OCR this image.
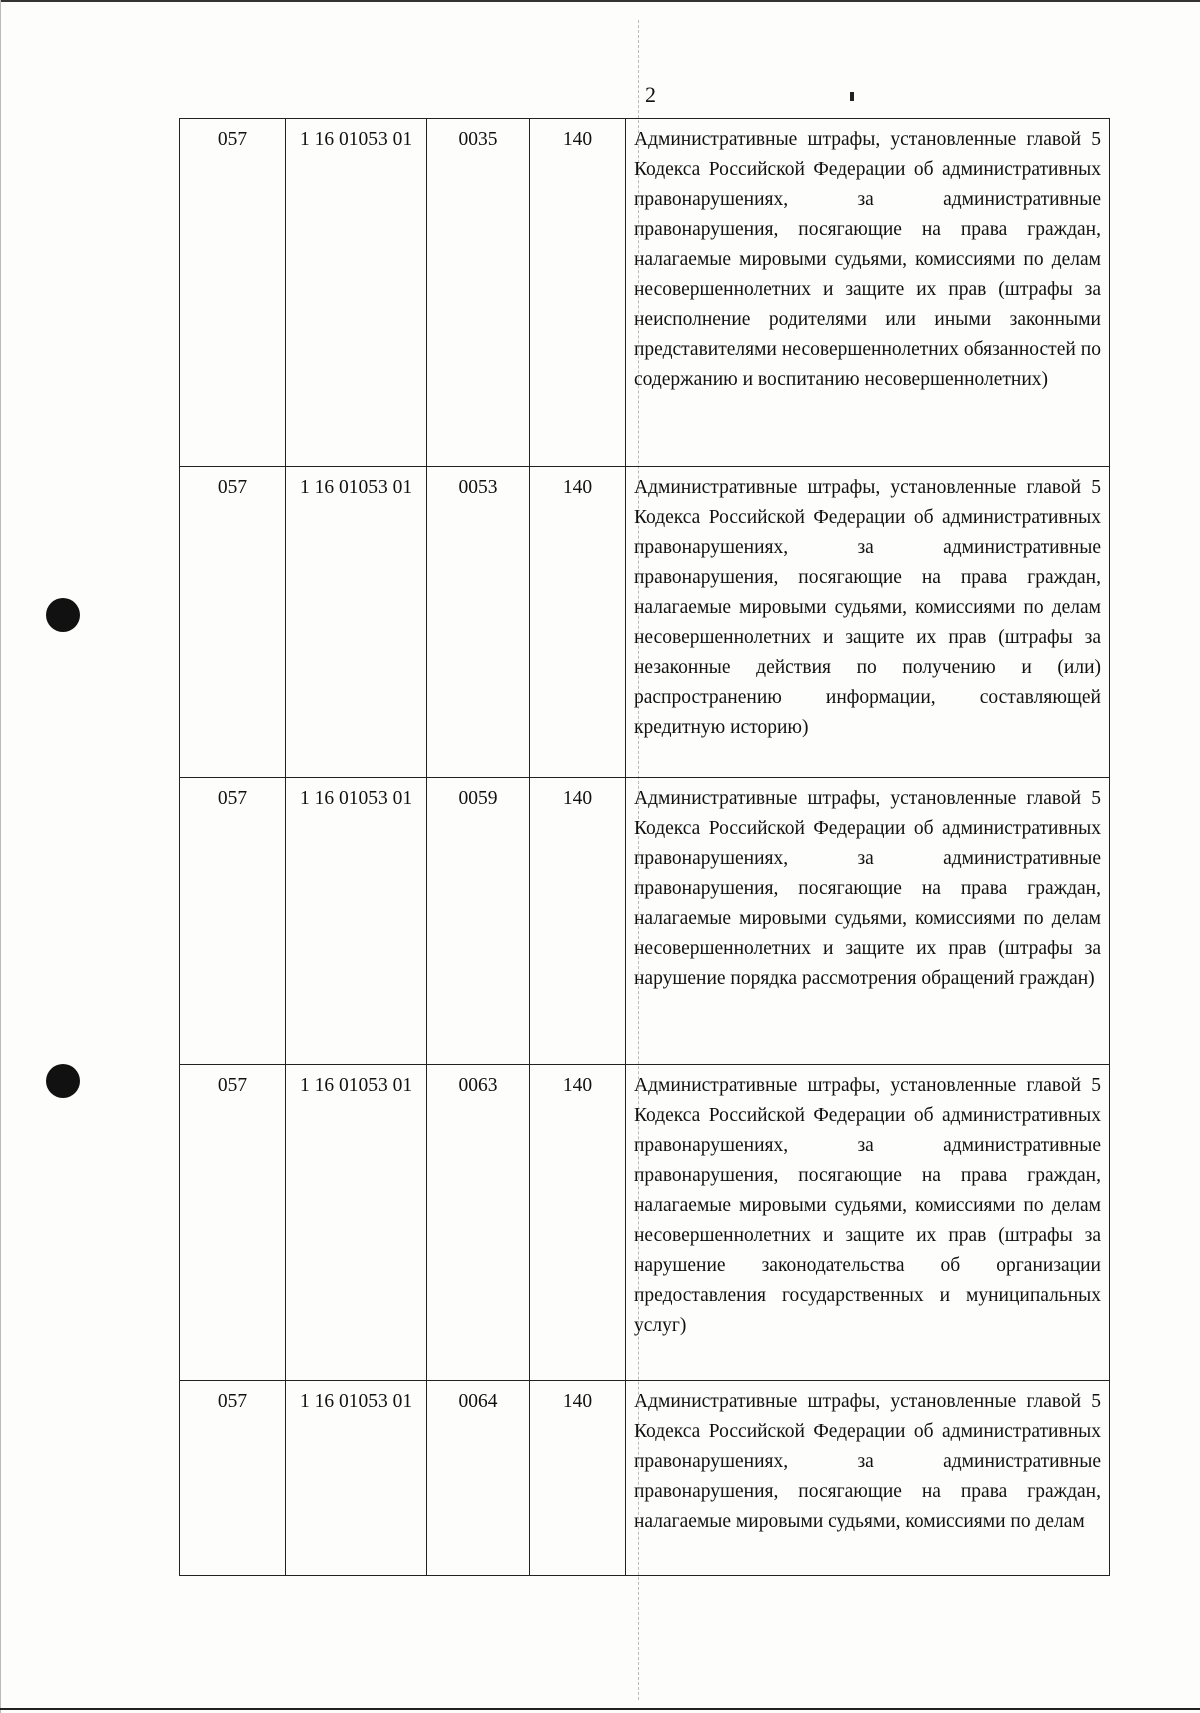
2
057	1 16 01053 01	0035	140	Административные штрафы, установленные главой 5 Кодекса Российской Федерации об административных правонарушениях, за административные правонарушения, посягающие на права граждан, налагаемые мировыми судьями, комиссиями по делам несовершеннолетних и защите их прав (штрафы за неисполнение родителями или иными законными представителями несовершеннолетних обязанностей по содержанию и воспитанию несовершеннолетних)
057	1 16 01053 01	0053	140	Административные штрафы, установленные главой 5 Кодекса Российской Федерации об административных правонарушениях, за административные правонарушения, посягающие на права граждан, налагаемые мировыми судьями, комиссиями по делам несовершеннолетних и защите их прав (штрафы за незаконные действия по получению и (или) распространению информации, составляющей кредитную историю)
057	1 16 01053 01	0059	140	Административные штрафы, установленные главой 5 Кодекса Российской Федерации об административных правонарушениях, за административные правонарушения, посягающие на права граждан, налагаемые мировыми судьями, комиссиями по делам несовершеннолетних и защите их прав (штрафы за нарушение порядка рассмотрения обращений граждан)
057	1 16 01053 01	0063	140	Административные штрафы, установленные главой 5 Кодекса Российской Федерации об административных правонарушениях, за административные правонарушения, посягающие на права граждан, налагаемые мировыми судьями, комиссиями по делам несовершеннолетних и защите их прав (штрафы за нарушение законодательства об организации предоставления государственных и муниципальных услуг)
057	1 16 01053 01	0064	140	Административные штрафы, установленные главой 5 Кодекса Российской Федерации об административных правонарушениях, за административные правонарушения, посягающие на права граждан, налагаемые мировыми судьями, комиссиями по делам
